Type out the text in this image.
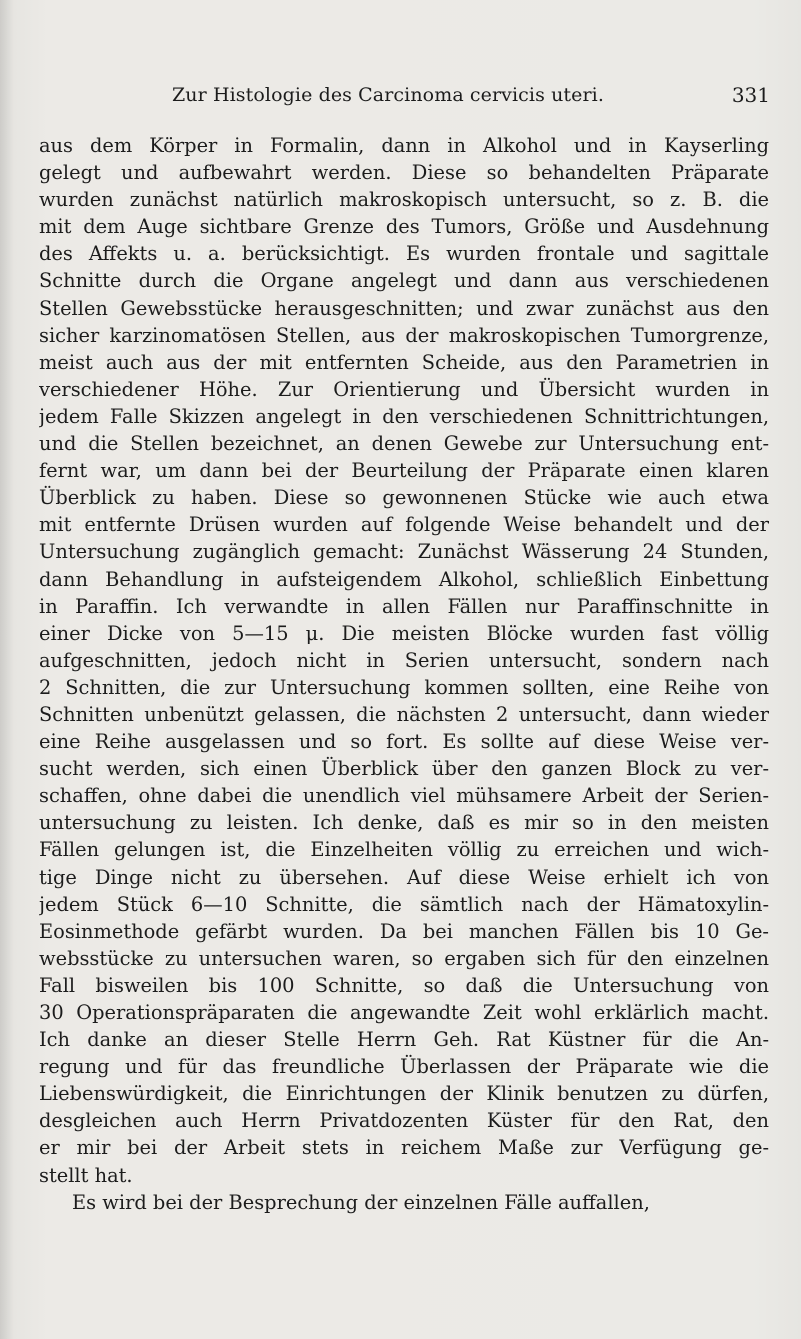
Zur Histologie des Carcinoma cervicis uteri.	331
aus dem Körper in Formalin, dann in Alkohol und in Kayserling
gelegt und aufbewahrt werden. Diese so behandelten Präparate
wurden zunächst natürlich makroskopisch untersucht, so z. B. die
mit dem Auge sichtbare Grenze des Tumors, Größe und Ausdehnung
des Affekts u. a. berücksichtigt. Es wurden frontale und sagittale
Schnitte durch die Organe angelegt und dann aus verschiedenen
Stellen Gewebsstücke herausgeschnitten; und zwar zunächst aus den
sicher karzinomatösen Stellen, aus der makroskopischen Tumorgrenze,
meist auch aus der mit entfernten Scheide, aus den Parametrien in
verschiedener Höhe. Zur Orientierung und Übersicht wurden in
jedem Falle Skizzen angelegt in den verschiedenen Schnittrichtungen,
und die Stellen bezeichnet, an denen Gewebe zur Untersuchung ent-
fernt war, um dann bei der Beurteilung der Präparate einen klaren
Überblick zu haben. Diese so gewonnenen Stücke wie auch etwa
mit entfernte Drüsen wurden auf folgende Weise behandelt und der
Untersuchung zugänglich gemacht: Zunächst Wässerung 24 Stunden,
dann Behandlung in aufsteigendem Alkohol, schließlich Einbettung
in Paraffin. Ich verwandte in allen Fällen nur Paraffinschnitte in
einer Dicke von 5—15 μ. Die meisten Blöcke wurden fast völlig
aufgeschnitten, jedoch nicht in Serien untersucht, sondern nach
2 Schnitten, die zur Untersuchung kommen sollten, eine Reihe von
Schnitten unbenützt gelassen, die nächsten 2 untersucht, dann wieder
eine Reihe ausgelassen und so fort. Es sollte auf diese Weise ver-
sucht werden, sich einen Überblick über den ganzen Block zu ver-
schaffen, ohne dabei die unendlich viel mühsamere Arbeit der Serien-
untersuchung zu leisten. Ich denke, daß es mir so in den meisten
Fällen gelungen ist, die Einzelheiten völlig zu erreichen und wich-
tige Dinge nicht zu übersehen. Auf diese Weise erhielt ich von
jedem Stück 6—10 Schnitte, die sämtlich nach der Hämatoxylin-
Eosinmethode gefärbt wurden. Da bei manchen Fällen bis 10 Ge-
websstücke zu untersuchen waren, so ergaben sich für den einzelnen
Fall bisweilen bis 100 Schnitte, so daß die Untersuchung von
30 Operationspräparaten die angewandte Zeit wohl erklärlich macht.
Ich danke an dieser Stelle Herrn Geh. Rat Küstner für die An-
regung und für das freundliche Überlassen der Präparate wie die
Liebenswürdigkeit, die Einrichtungen der Klinik benutzen zu dürfen,
desgleichen auch Herrn Privatdozenten Küster für den Rat, den
er mir bei der Arbeit stets in reichem Maße zur Verfügung ge-
stellt hat.
Es wird bei der Besprechung der einzelnen Fälle auffallen,
